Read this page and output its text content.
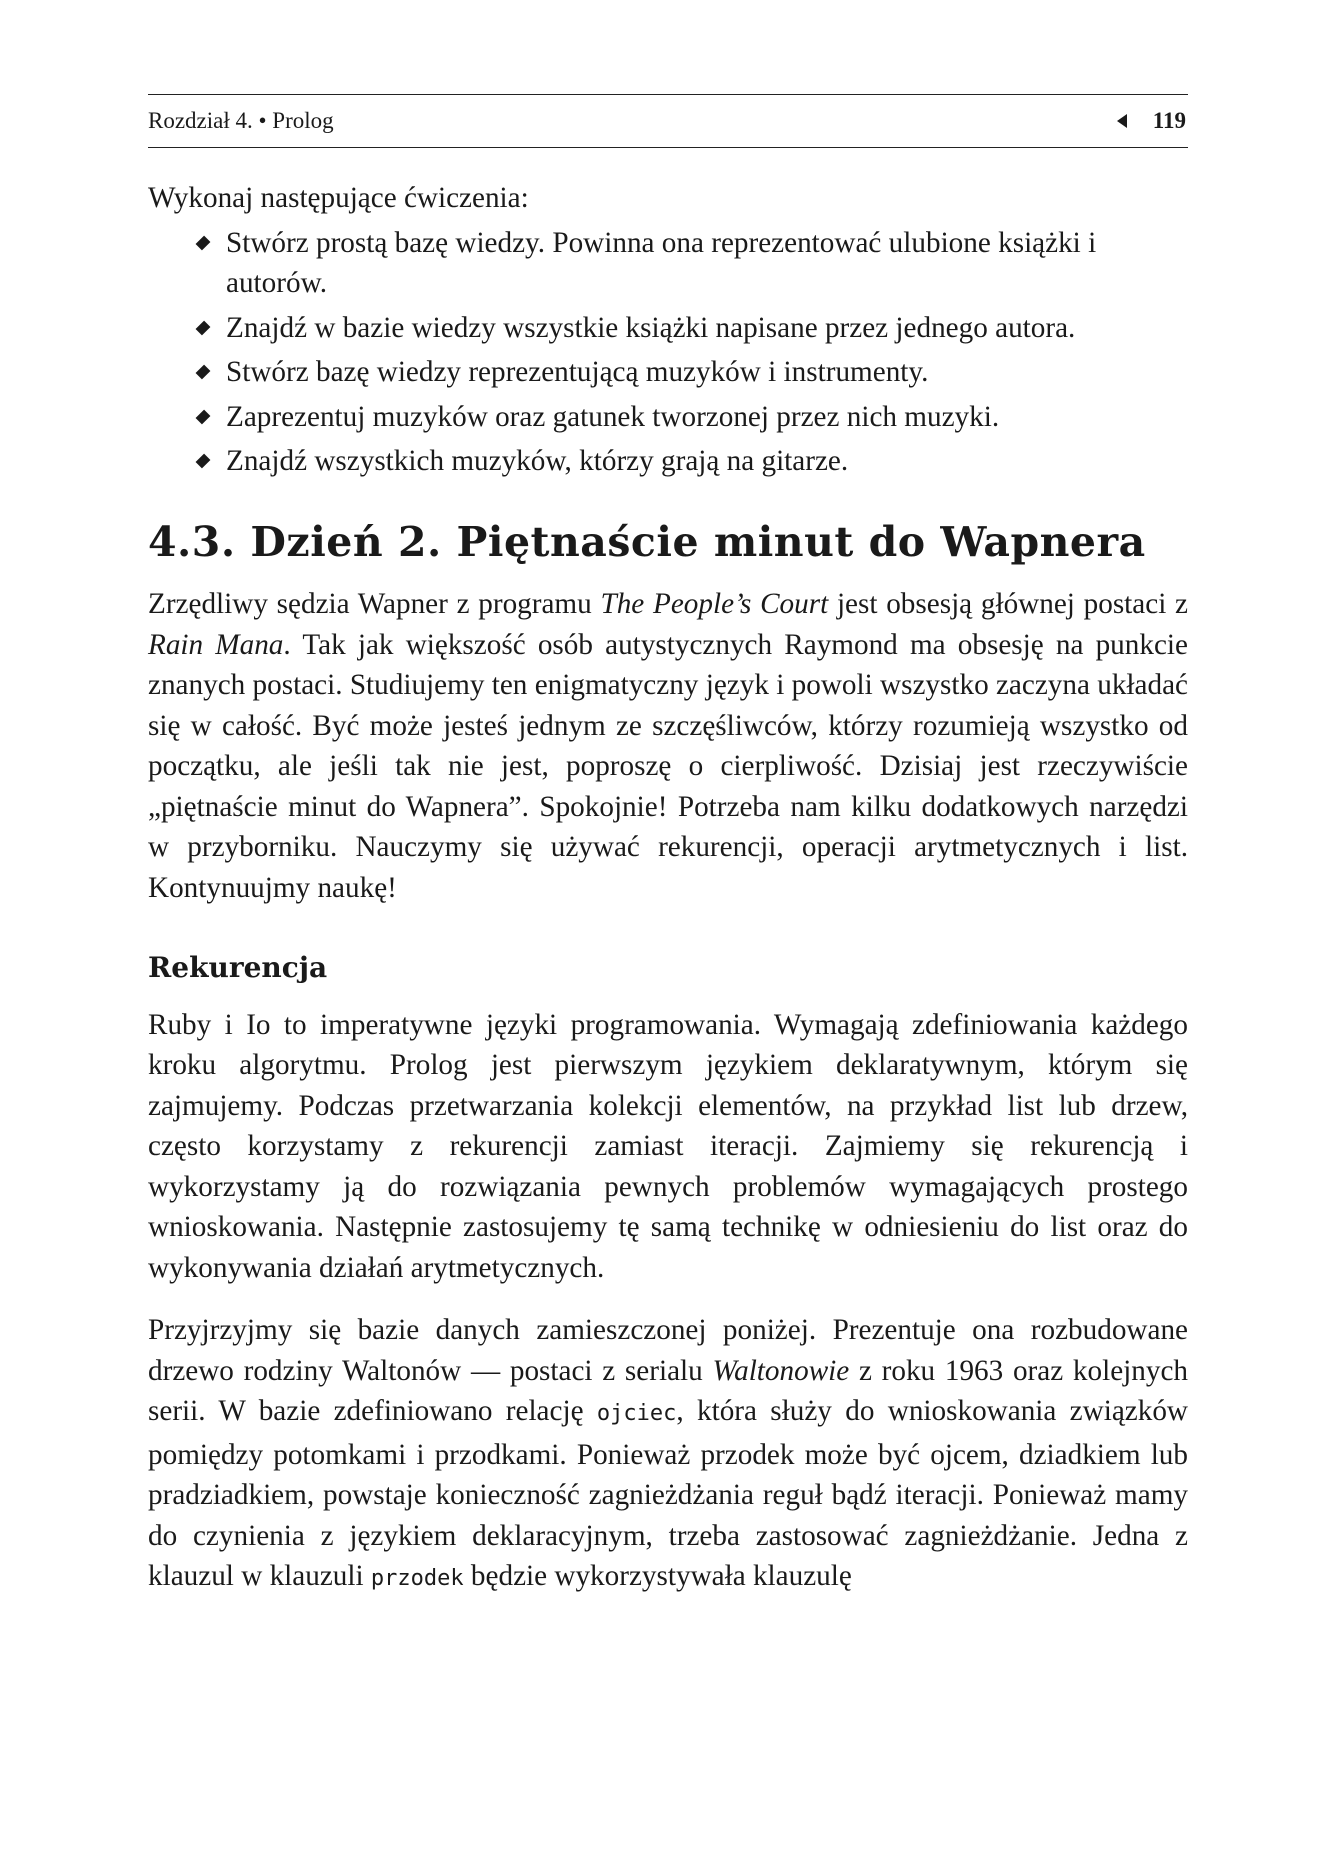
Rozdział 4. • Prolog	119
Wykonaj następujące ćwiczenia:
Stwórz prostą bazę wiedzy. Powinna ona reprezentować ulubione książki i autorów.
Znajdź w bazie wiedzy wszystkie książki napisane przez jednego autora.
Stwórz bazę wiedzy reprezentującą muzyków i instrumenty.
Zaprezentuj muzyków oraz gatunek tworzonej przez nich muzyki.
Znajdź wszystkich muzyków, którzy grają na gitarze.
4.3. Dzień 2. Piętnaście minut do Wapnera

Zrzędliwy sędzia Wapner z programu The People’s Court jest obsesją głównej postaci z Rain Mana. Tak jak większość osób autystycznych Raymond ma obsesję na punkcie znanych postaci. Studiujemy ten enigmatyczny język i powoli wszystko zaczyna układać się w całość. Być może jesteś jednym ze szczęśliwców, którzy rozumieją wszystko od początku, ale jeśli tak nie jest, poproszę o cierpliwość. Dzisiaj jest rzeczywiście „piętnaście minut do Wapnera”. Spokojnie! Potrzeba nam kilku dodatkowych narzędzi w przyborniku. Nauczymy się używać rekurencji, operacji arytmetycznych i list. Kontynuujmy naukę!

Rekurencja

Ruby i Io to imperatywne języki programowania. Wymagają zdefiniowania każdego kroku algorytmu. Prolog jest pierwszym językiem deklaratywnym, którym się zajmujemy. Podczas przetwarzania kolekcji elementów, na przykład list lub drzew, często korzystamy z rekurencji zamiast iteracji. Zajmiemy się rekurencją i wykorzystamy ją do rozwiązania pewnych problemów wymagających prostego wnioskowania. Następnie zastosujemy tę samą technikę w odniesieniu do list oraz do wykonywania działań arytmetycznych.

Przyjrzyjmy się bazie danych zamieszczonej poniżej. Prezentuje ona rozbudowane drzewo rodziny Waltonów — postaci z serialu Waltonowie z roku 1963 oraz kolejnych serii. W bazie zdefiniowano relację ojciec, która służy do wnioskowania związków pomiędzy potomkami i przodkami. Ponieważ przodek może być ojcem, dziadkiem lub pradziadkiem, powstaje konieczność zagnieżdżania reguł bądź iteracji. Ponieważ mamy do czynienia z językiem deklaracyjnym, trzeba zastosować zagnieżdżanie. Jedna z klauzul w klauzuli przodek będzie wykorzystywała klauzulę
